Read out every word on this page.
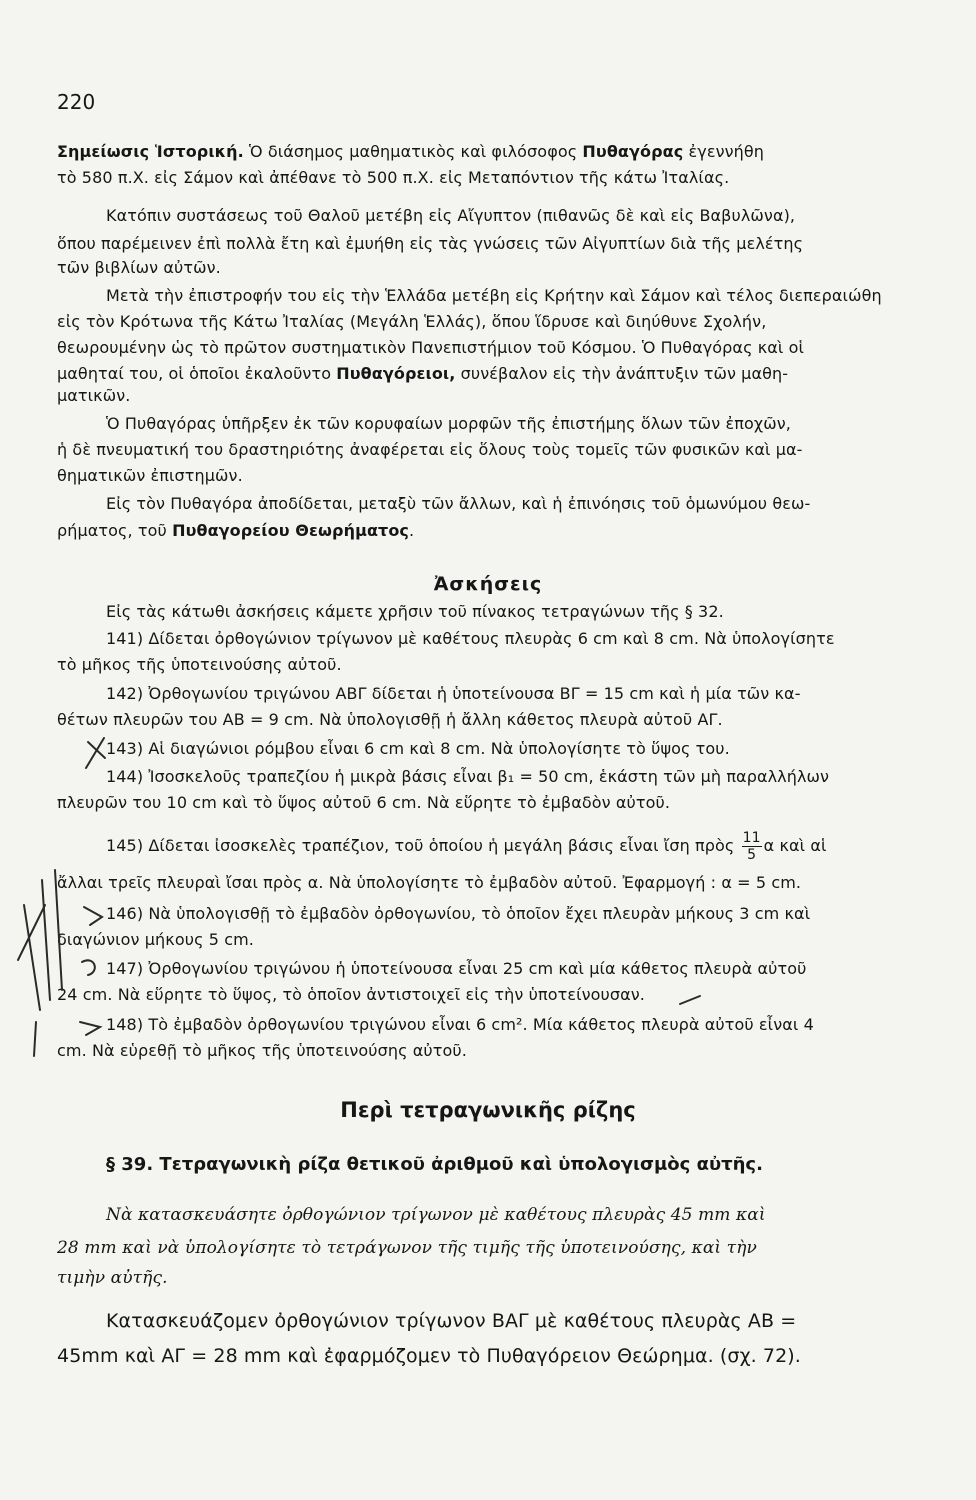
220
Σημείωσις Ἱστορική. Ὁ διάσημος μαθηματικὸς καὶ φιλόσοφος Πυθαγόρας ἐγεννήθη
τὸ 580 π.Χ. εἰς Σάμον καὶ ἀπέθανε τὸ 500 π.Χ. εἰς Μεταπόντιον τῆς κάτω Ἰταλίας.
Κατόπιν συστάσεως τοῦ Θαλοῦ μετέβη εἰς Αἴγυπτον (πιθανῶς δὲ καὶ εἰς Βαβυλῶνα),
ὅπου παρέμεινεν ἐπὶ πολλὰ ἔτη καὶ ἐμυήθη εἰς τὰς γνώσεις τῶν Αἰγυπτίων διὰ τῆς μελέτης
τῶν βιβλίων αὐτῶν.
Μετὰ τὴν ἐπιστροφήν του εἰς τὴν Ἑλλάδα μετέβη εἰς Κρήτην καὶ Σάμον καὶ τέλος διεπεραιώθη
εἰς τὸν Κρότωνα τῆς Κάτω Ἰταλίας (Μεγάλη Ἑλλάς), ὅπου ἵδρυσε καὶ διηύθυνε Σχολήν,
θεωρουμένην ὡς τὸ πρῶτον συστηματικὸν Πανεπιστήμιον τοῦ Κόσμου. Ὁ Πυθαγόρας καὶ οἱ
μαθηταί του, οἱ ὁποῖοι ἐκαλοῦντο Πυθαγόρειοι, συνέβαλον εἰς τὴν ἀνάπτυξιν τῶν μαθη-
ματικῶν.
Ὁ Πυθαγόρας ὑπῆρξεν ἐκ τῶν κορυφαίων μορφῶν τῆς ἐπιστήμης ὅλων τῶν ἐποχῶν,
ἡ δὲ πνευματική του δραστηριότης ἀναφέρεται εἰς ὅλους τοὺς τομεῖς τῶν φυσικῶν καὶ μα-
θηματικῶν ἐπιστημῶν.
Εἰς τὸν Πυθαγόρα ἀποδίδεται, μεταξὺ τῶν ἄλλων, καὶ ἡ ἐπινόησις τοῦ ὁμωνύμου θεω-
ρήματος, τοῦ Πυθαγορείου Θεωρήματος.
Ἀσκήσεις
Εἰς τὰς κάτωθι ἀσκήσεις κάμετε χρῆσιν τοῦ πίνακος τετραγώνων τῆς § 32.
141) Δίδεται ὀρθογώνιον τρίγωνον μὲ καθέτους πλευρὰς 6 cm καὶ 8 cm. Νὰ ὑπολογίσητε
τὸ μῆκος τῆς ὑποτεινούσης αὐτοῦ.
142) Ὀρθογωνίου τριγώνου ΑΒΓ δίδεται ἡ ὑποτείνουσα ΒΓ = 15 cm καὶ ἡ μία τῶν κα-
θέτων πλευρῶν του ΑΒ = 9 cm. Νὰ ὑπολογισθῇ ἡ ἄλλη κάθετος πλευρὰ αὐτοῦ ΑΓ.
143) Αἱ διαγώνιοι ρόμβου εἶναι 6 cm καὶ 8 cm. Νὰ ὑπολογίσητε τὸ ὕψος του.
144) Ἰσοσκελοῦς τραπεζίου ἡ μικρὰ βάσις εἶναι β₁ = 50 cm, ἑκάστη τῶν μὴ παραλλήλων
πλευρῶν του 10 cm καὶ τὸ ὕψος αὐτοῦ 6 cm. Νὰ εὕρητε τὸ ἐμβαδὸν αὐτοῦ.
145) Δίδεται ἰσοσκελὲς τραπέζιον, τοῦ ὁποίου ἡ μεγάλη βάσις εἶναι ἴση πρὸς $\frac{11}{5}$ α καὶ αἱ
ἄλλαι τρεῖς πλευραὶ ἴσαι πρὸς α. Νὰ ὑπολογίσητε τὸ ἐμβαδὸν αὐτοῦ. Ἐφαρμογή : α = 5 cm.
146) Νὰ ὑπολογισθῇ τὸ ἐμβαδὸν ὀρθογωνίου, τὸ ὁποῖον ἔχει πλευρὰν μήκους 3 cm καὶ
διαγώνιον μήκους 5 cm.
147) Ὀρθογωνίου τριγώνου ἡ ὑποτείνουσα εἶναι 25 cm καὶ μία κάθετος πλευρὰ αὐτοῦ
24 cm. Νὰ εὕρητε τὸ ὕψος, τὸ ὁποῖον ἀντιστοιχεῖ εἰς τὴν ὑποτείνουσαν.
148) Τὸ ἐμβαδὸν ὀρθογωνίου τριγώνου εἶναι 6 cm². Μία κάθετος πλευρὰ αὐτοῦ εἶναι 4
cm. Νὰ εὑρεθῇ τὸ μῆκος τῆς ὑποτεινούσης αὐτοῦ.
Περὶ τετραγωνικῆς ρίζης
§ 39. Τετραγωνικὴ ρίζα θετικοῦ ἀριθμοῦ καὶ ὑπολογισμὸς αὐτῆς.
Νὰ κατασκευάσητε ὀρθογώνιον τρίγωνον μὲ καθέτους πλευρὰς 45 mm καὶ
28 mm καὶ νὰ ὑπολογίσητε τὸ τετράγωνον τῆς τιμῆς τῆς ὑποτεινούσης, καὶ τὴν
τιμὴν αὐτῆς.
Κατασκευάζομεν ὀρθογώνιον τρίγωνον ΒΑΓ μὲ καθέτους πλευρὰς ΑΒ =
45mm καὶ ΑΓ = 28 mm καὶ ἐφαρμόζομεν τὸ Πυθαγόρειον Θεώρημα. (σχ. 72).
